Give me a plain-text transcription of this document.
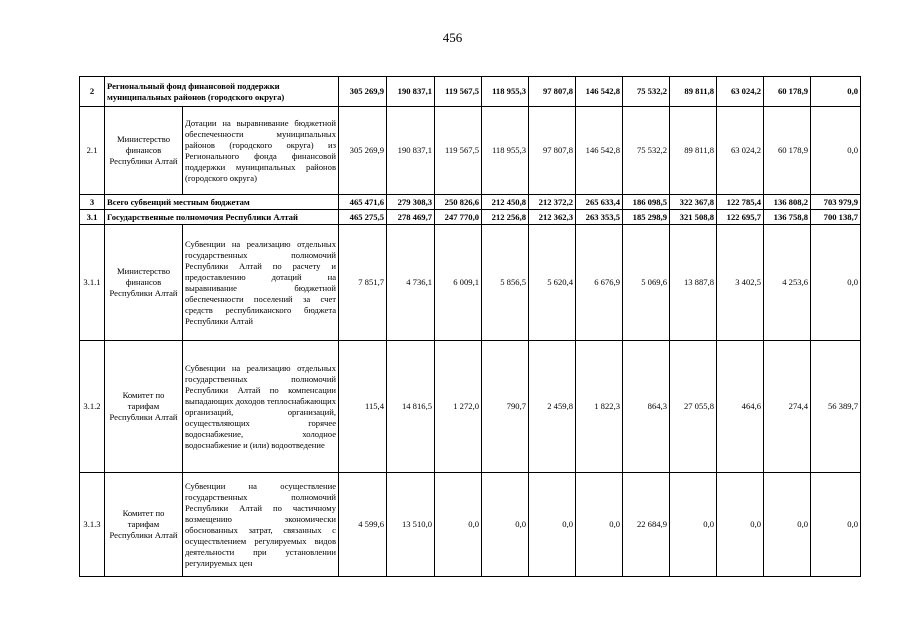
456
2	Региональный фонд финансовой поддержки муниципальных районов (городского округа)		305 269,9	190 837,1	119 567,5	118 955,3	97 807,8	146 542,8	75 532,2	89 811,8	63 024,2	60 178,9	0,0
2.1	Министерство финансов Республики Алтай	Дотации на выравнивание бюджетной обеспеченности муниципальных районов (городского округа) из Регионального фонда финансовой поддержки муниципальных районов (городского округа)	305 269,9	190 837,1	119 567,5	118 955,3	97 807,8	146 542,8	75 532,2	89 811,8	63 024,2	60 178,9	0,0
3	Всего субвенций местным бюджетам		465 471,6	279 308,3	250 826,6	212 450,8	212 372,2	265 633,4	186 098,5	322 367,8	122 785,4	136 808,2	703 979,9
3.1	Государственные полномочия Республики Алтай		465 275,5	278 469,7	247 770,0	212 256,8	212 362,3	263 353,5	185 298,9	321 508,8	122 695,7	136 758,8	700 138,7
3.1.1	Министерство финансов Республики Алтай	Субвенции на реализацию отдельных государственных полномочий Республики Алтай по расчету и предоставлению дотаций на выравнивание бюджетной обеспеченности поселений за счет средств республиканского бюджета Республики Алтай	7 851,7	4 736,1	6 009,1	5 856,5	5 620,4	6 676,9	5 069,6	13 887,8	3 402,5	4 253,6	0,0
3.1.2	Комитет по тарифам Республики Алтай	Субвенции на реализацию отдельных государственных полномочий Республики Алтай по компенсации выпадающих доходов теплоснабжающих организаций, организаций, осуществляющих горячее водоснабжение, холодное водоснабжение и (или) водоотведение	115,4	14 816,5	1 272,0	790,7	2 459,8	1 822,3	864,3	27 055,8	464,6	274,4	56 389,7
3.1.3	Комитет по тарифам Республики Алтай	Субвенции на осуществление государственных полномочий Республики Алтай по частичному возмещению экономически обоснованных затрат, связанных с осуществлением регулируемых видов деятельности при установлении регулируемых цен	4 599,6	13 510,0	0,0	0,0	0,0	0,0	22 684,9	0,0	0,0	0,0	0,0
